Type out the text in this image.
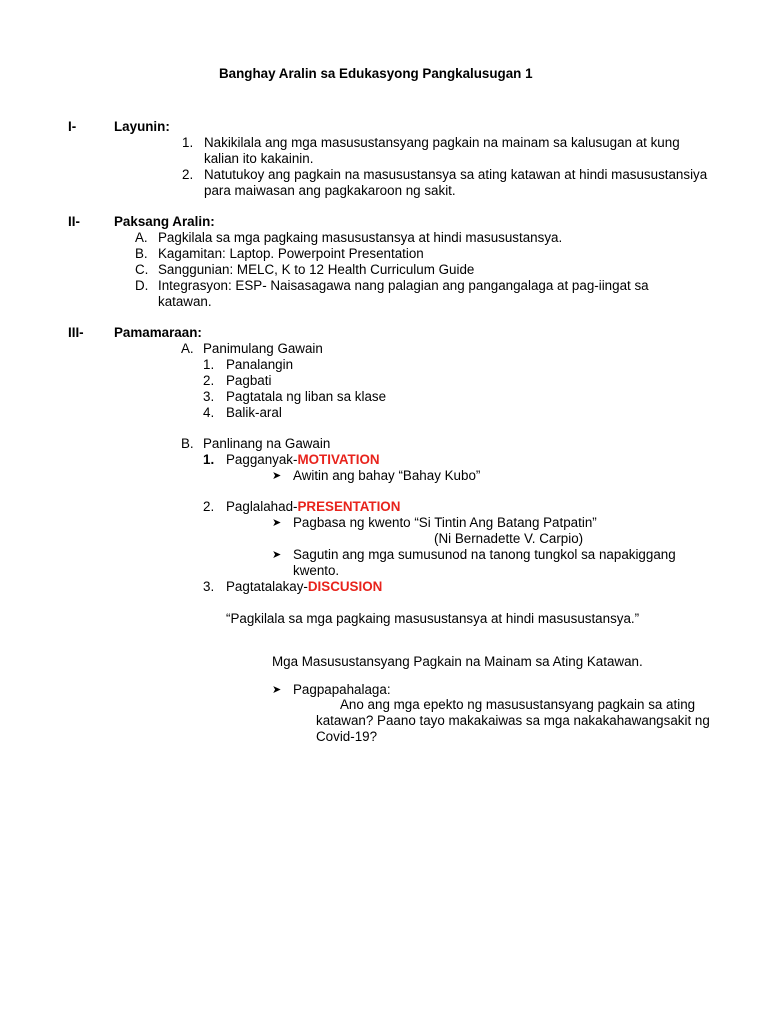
Banghay Aralin sa Edukasyong Pangkalusugan 1
I-	Layunin:
1. Nakikilala ang mga masusustansyang pagkain na mainam sa kalusugan at kung
kalian ito kakainin.
2. Natutukoy ang pagkain na masusustansya sa ating katawan at hindi masusustansiya
para maiwasan ang pagkakaroon ng sakit.
II-	Paksang Aralin:
A. Pagkilala sa mga pagkaing masusustansya at hindi masusustansya.
B. Kagamitan: Laptop. Powerpoint Presentation
C. Sanggunian: MELC, K to 12 Health Curriculum Guide
D. Integrasyon: ESP- Naisasagawa nang palagian ang pangangalaga at pag-iingat sa
katawan.
III- Pamamaraan:
A. Panimulang Gawain
1. Panalangin
2. Pagbati
3. Pagtatala ng liban sa klase
4. Balik-aral
B. Panlinang na Gawain
1. Pagganyak-MOTIVATION
➤ Awitin ang bahay “Bahay Kubo”
2. Paglalahad-PRESENTATION
➤ Pagbasa ng kwento “Si Tintin Ang Batang Patpatin”
(Ni Bernadette V. Carpio)
➤ Sagutin ang mga sumusunod na tanong tungkol sa napakiggang
kwento.
3. Pagtatalakay-DISCUSION
“Pagkilala sa mga pagkaing masusustansya at hindi masusustansya.”
Mga Masusustansyang Pagkain na Mainam sa Ating Katawan.
➤ Pagpapahalaga:
Ano ang mga epekto ng masusustansyang pagkain sa ating
katawan? Paano tayo makakaiwas sa mga nakakahawangsakit ng
Covid-19?
